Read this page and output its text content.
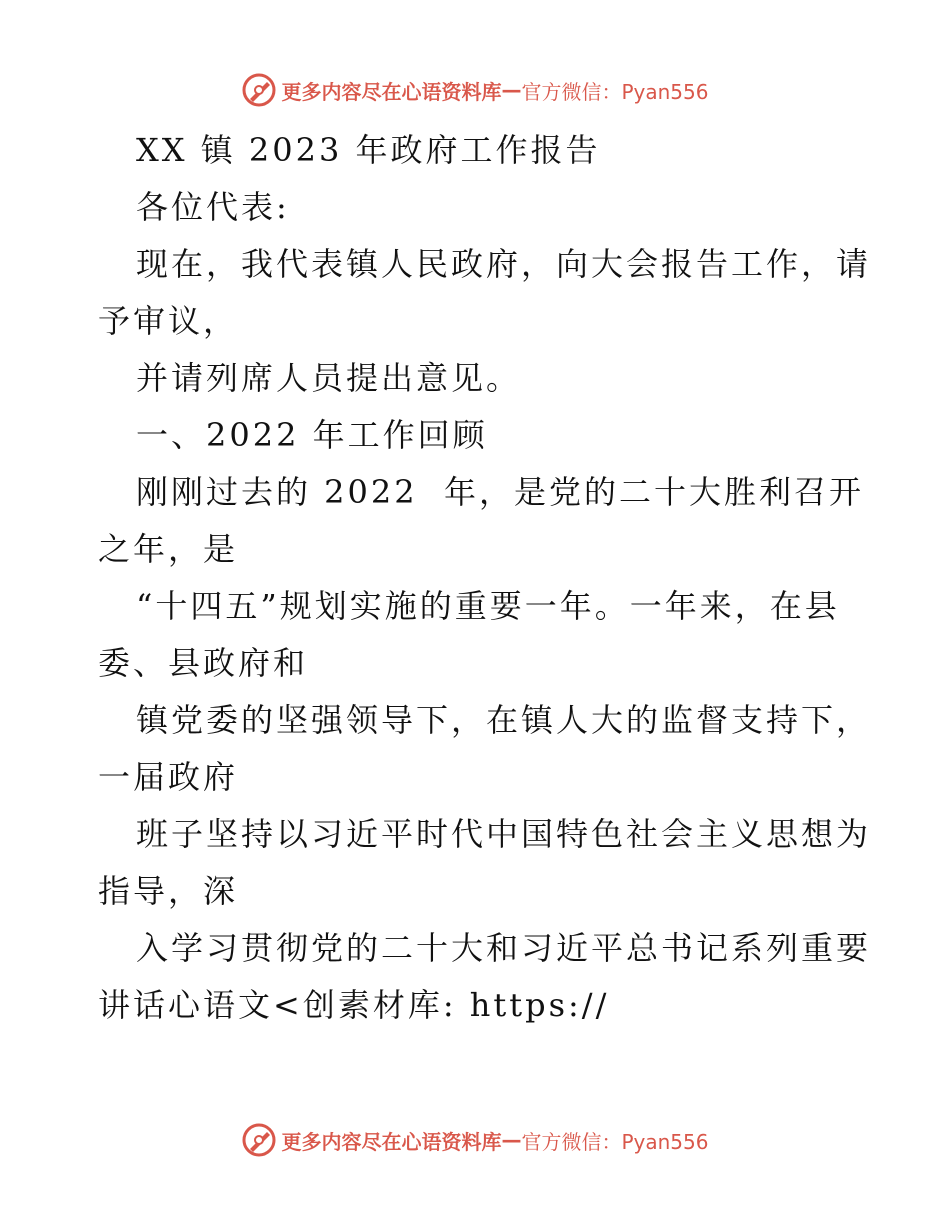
更多内容尽在心语资料库 — 官方微信：Pyan556

XX 镇 2023 年政府工作报告

各位代表:

现在，我代表镇人民政府，向大会报告工作，请

予审议，

并请列席人员提出意见。

一、2022 年工作回顾

刚刚过去的 2022  年，是党的二十大胜利召开

之年，是

“十四五”规划实施的重要一年。一年来，在县

委、县政府和

镇党委的坚强领导下，在镇人大的监督支持下，

一届政府

班子坚持以习近平时代中国特色社会主义思想为

指导，深

入学习贯彻党的二十大和习近平总书记系列重要

讲话心语文<创素材库: https://

更多内容尽在心语资料库 — 官方微信：Pyan556
